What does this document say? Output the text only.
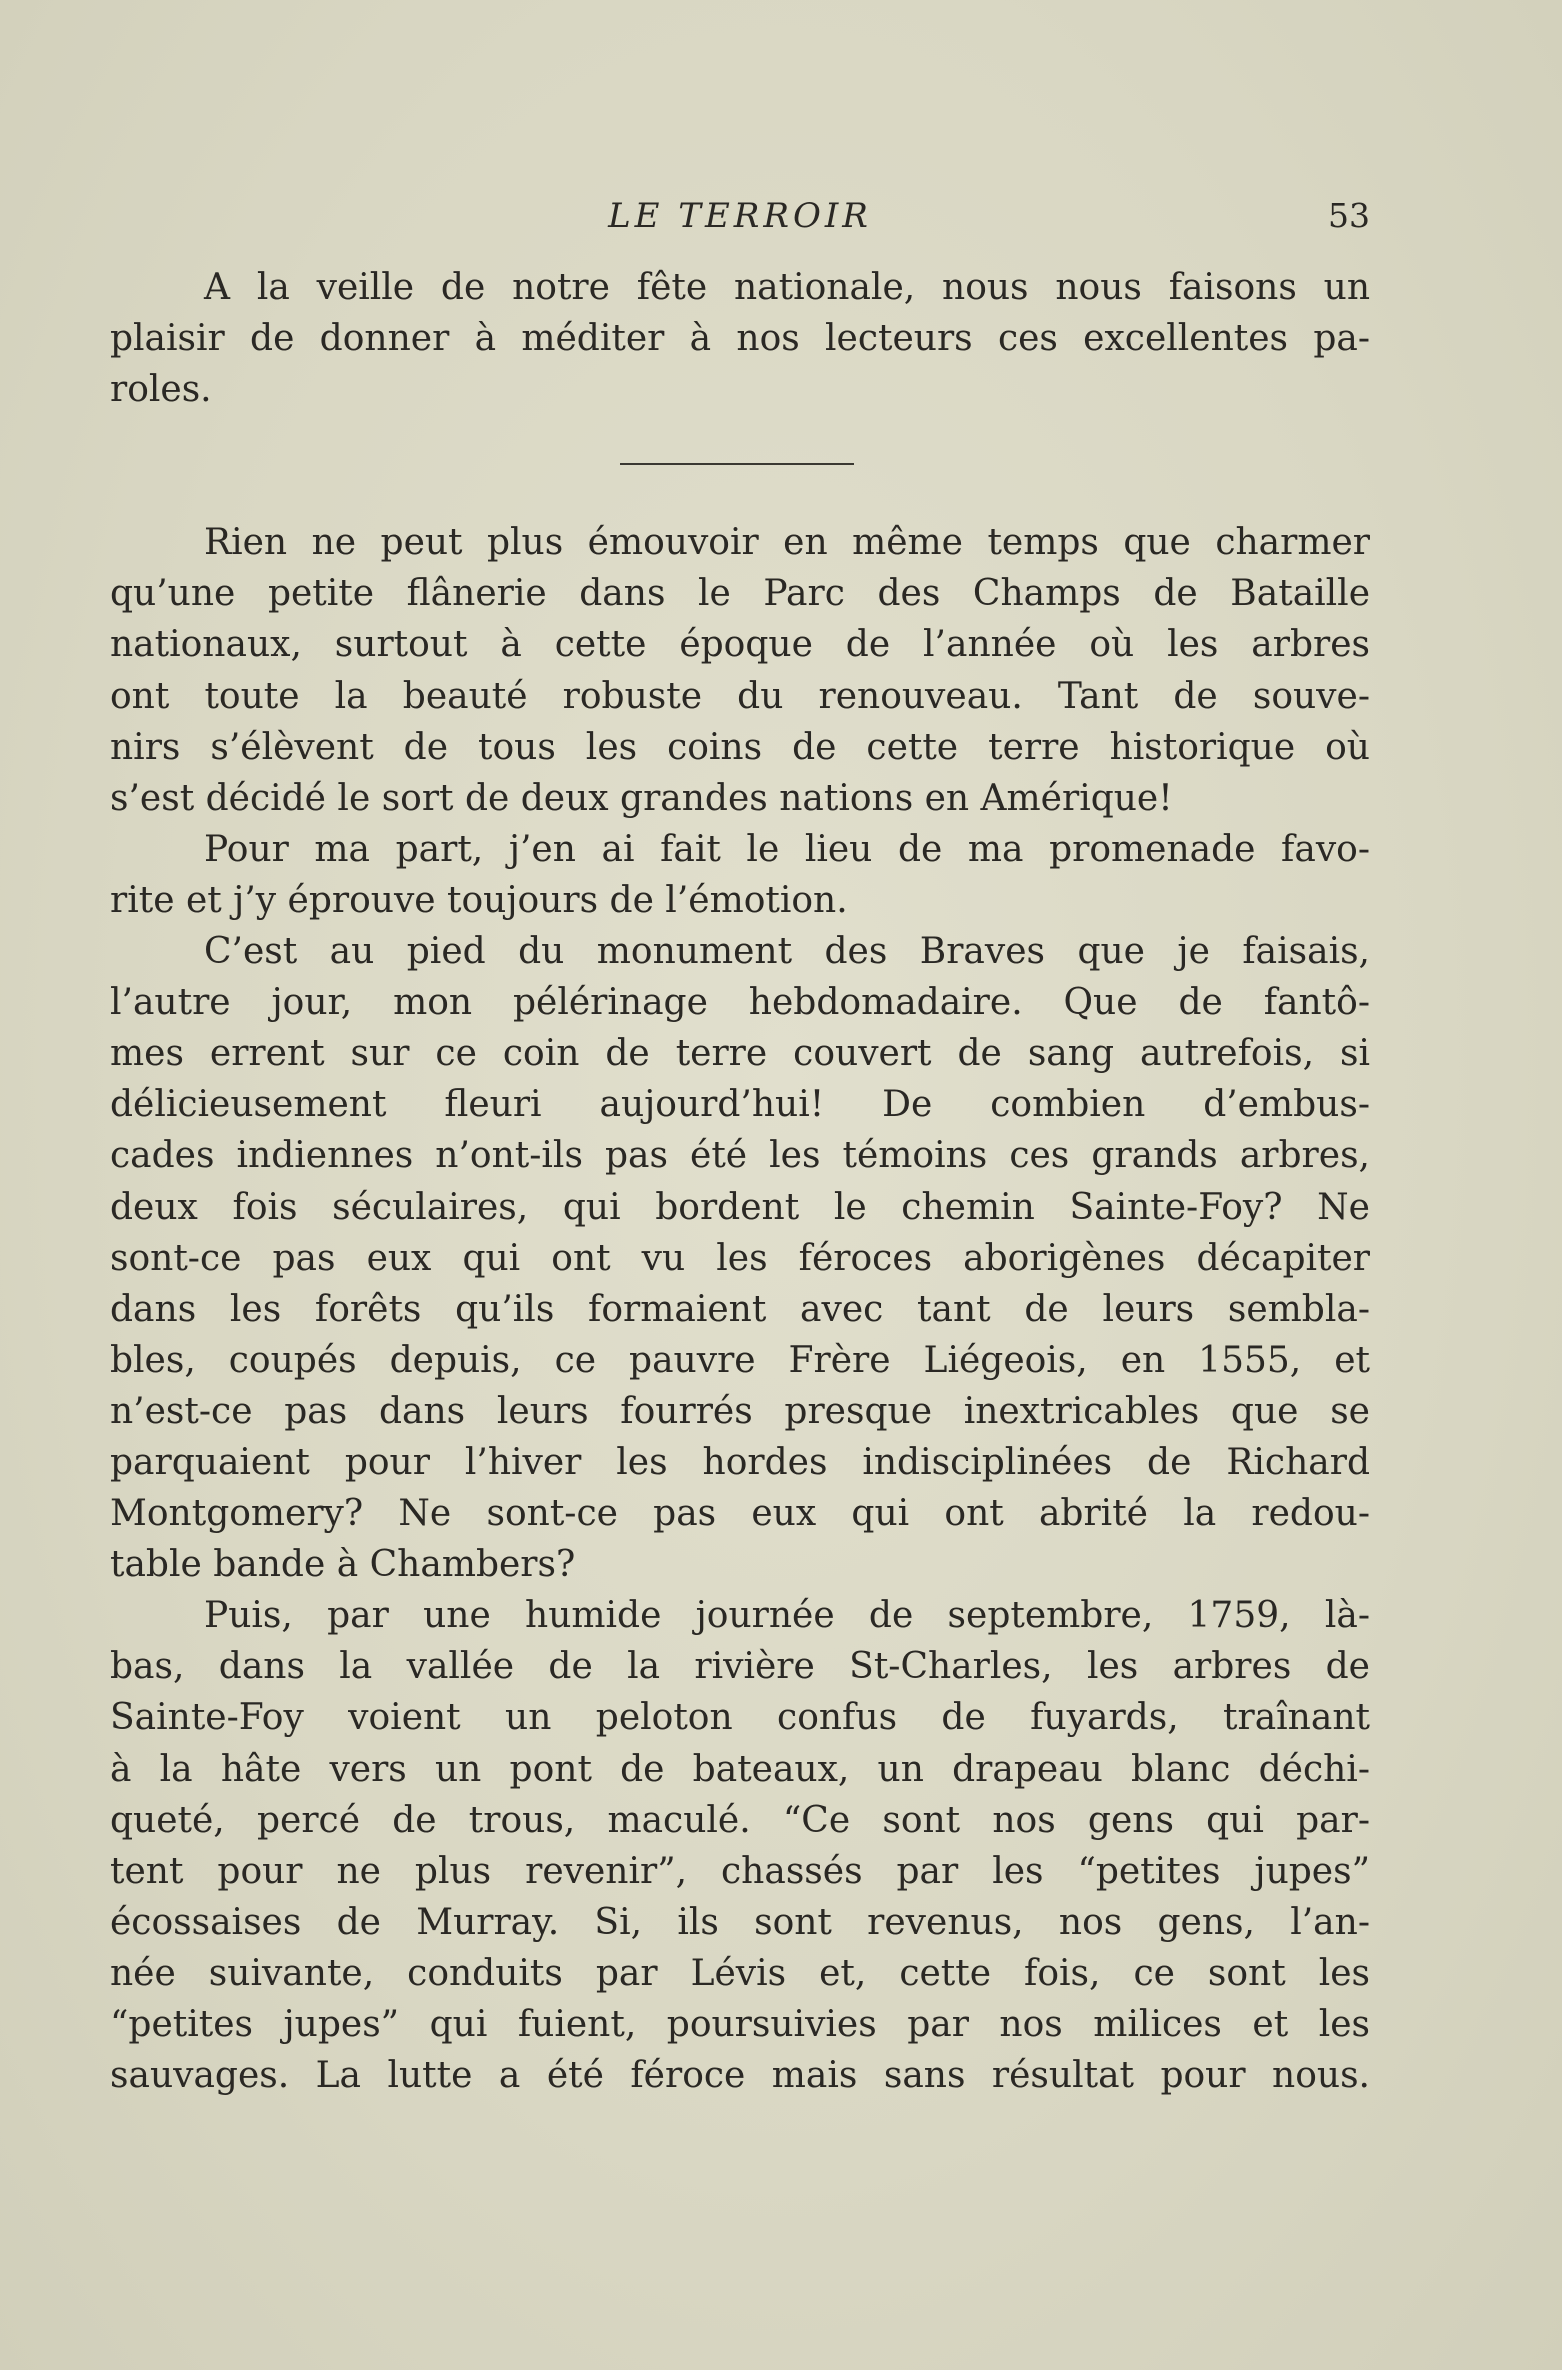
LE TERROIR	53
A la veille de notre fête nationale, nous nous faisons un
plaisir de donner à méditer à nos lecteurs ces excellentes pa-
roles.
Rien ne peut plus émouvoir en même temps que charmer
qu’une petite flânerie dans le Parc des Champs de Bataille
nationaux, surtout à cette époque de l’année où les arbres
ont toute la beauté robuste du renouveau. Tant de souve-
nirs s’élèvent de tous les coins de cette terre historique où
s’est décidé le sort de deux grandes nations en Amérique!
Pour ma part, j’en ai fait le lieu de ma promenade favo-
rite et j’y éprouve toujours de l’émotion.
C’est au pied du monument des Braves que je faisais,
l’autre jour, mon pélérinage hebdomadaire. Que de fantô-
mes errent sur ce coin de terre couvert de sang autrefois, si
délicieusement fleuri aujourd’hui! De combien d’embus-
cades indiennes n’ont-ils pas été les témoins ces grands arbres,
deux fois séculaires, qui bordent le chemin Sainte-Foy? Ne
sont-ce pas eux qui ont vu les féroces aborigènes décapiter
dans les forêts qu’ils formaient avec tant de leurs sembla-
bles, coupés depuis, ce pauvre Frère Liégeois, en 1555, et
n’est-ce pas dans leurs fourrés presque inextricables que se
parquaient pour l’hiver les hordes indisciplinées de Richard
Montgomery? Ne sont-ce pas eux qui ont abrité la redou-
table bande à Chambers?
Puis, par une humide journée de septembre, 1759, là-
bas, dans la vallée de la rivière St-Charles, les arbres de
Sainte-Foy voient un peloton confus de fuyards, traînant
à la hâte vers un pont de bateaux, un drapeau blanc déchi-
queté, percé de trous, maculé. “Ce sont nos gens qui par-
tent pour ne plus revenir”, chassés par les “petites jupes”
écossaises de Murray. Si, ils sont revenus, nos gens, l’an-
née suivante, conduits par Lévis et, cette fois, ce sont les
“petites jupes” qui fuient, poursuivies par nos milices et les
sauvages. La lutte a été féroce mais sans résultat pour nous.
